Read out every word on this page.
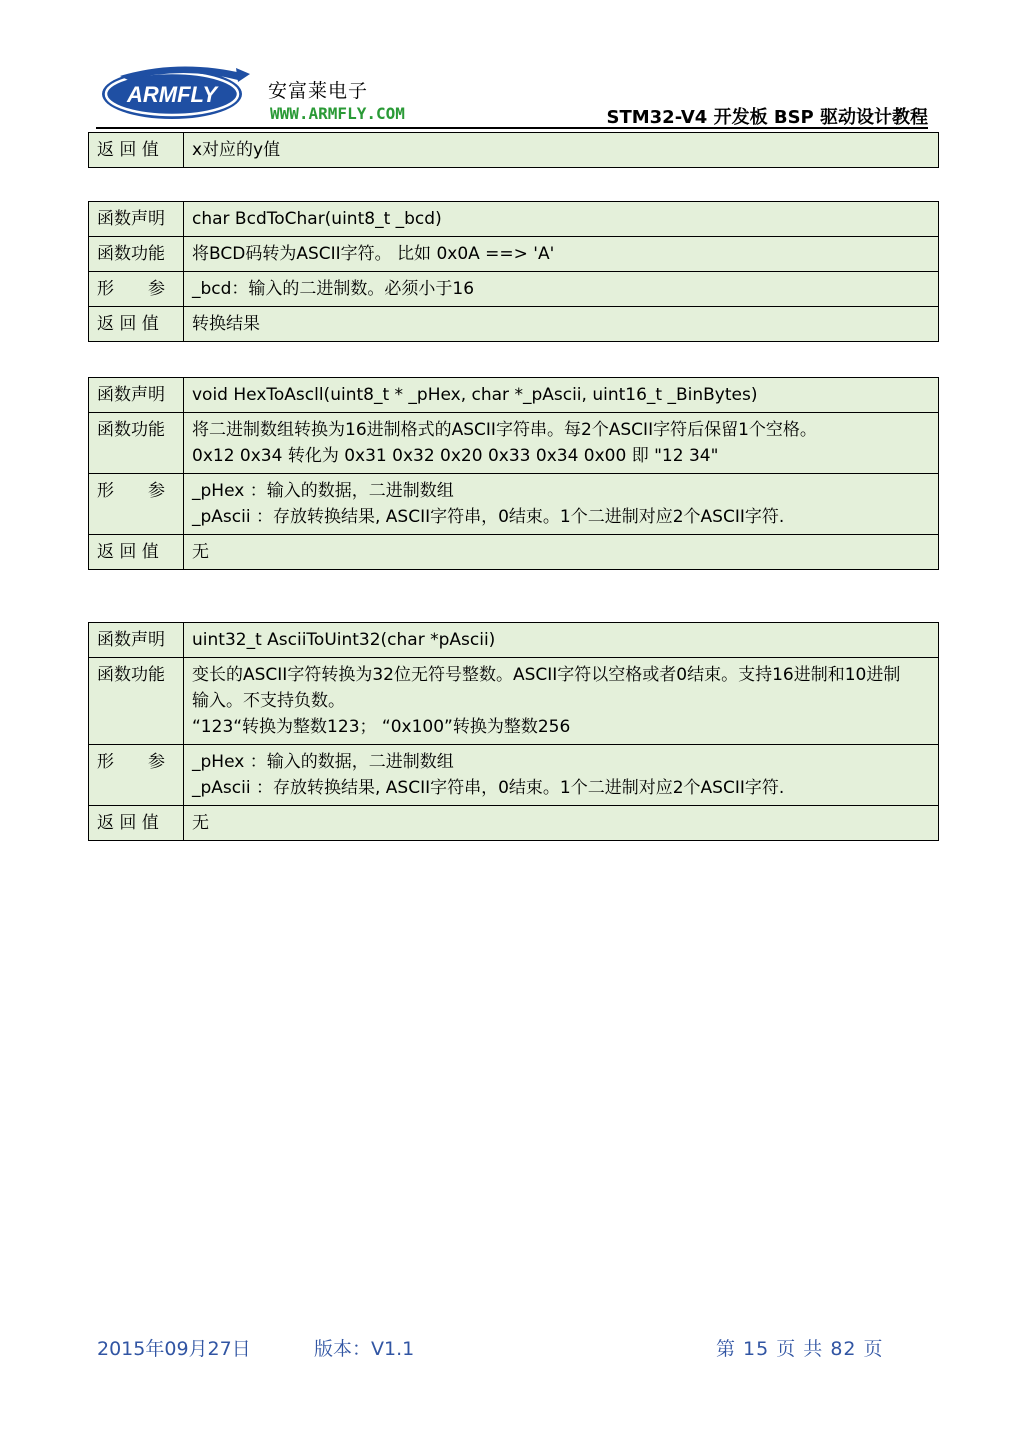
ARMFLY	安富莱电子
WWW.ARMFLY.COM	STM32-V4 开发板 BSP 驱动设计教程
返 回 值	x对应的y值
函数声明	char BcdToChar(uint8_t _bcd)

函数功能	将BCD码转为ASCII字符。 比如 0x0A ==> 'A'

形　　参	_bcd：输入的二进制数。必须小于16

返 回 值	转换结果
函数声明	void HexToAscll(uint8_t * _pHex, char *_pAscii, uint16_t _BinBytes)

函数功能	将二进制数组转换为16进制格式的ASCII字符串。每2个ASCII字符后保留1个空格。
0x12 0x34 转化为 0x31 0x32 0x20 0x33 0x34 0x00 即 "12 34"

形　　参	_pHex ：输入的数据，二进制数组
_pAscii ：存放转换结果, ASCII字符串，0结束。1个二进制对应2个ASCII字符.

返 回 值	无
函数声明	uint32_t AsciiToUint32(char *pAscii)

函数功能	变长的ASCII字符转换为32位无符号整数。ASCII字符以空格或者0结束。支持16进制和10进制
输入。不支持负数。
“123“转换为整数123； “0x100”转换为整数256

形　　参	_pHex ：输入的数据，二进制数组
_pAscii ：存放转换结果, ASCII字符串，0结束。1个二进制对应2个ASCII字符.

返 回 值	无
2015年09月27日	版本：V1.1	第 15 页 共 82 页
